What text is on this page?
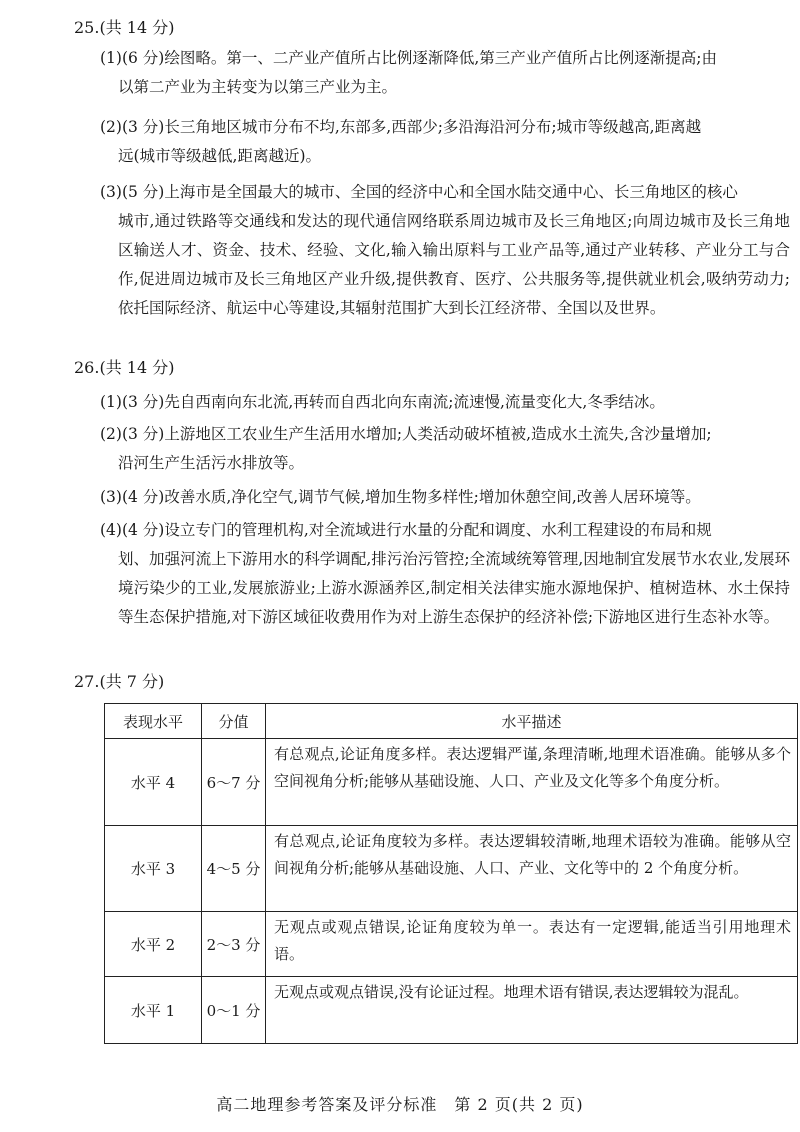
25.(共 14 分)
(1)(6 分)绘图略。第一、二产业产值所占比例逐渐降低,第三产业产值所占比例逐渐提高;由
以第二产业为主转变为以第三产业为主。
(2)(3 分)长三角地区城市分布不均,东部多,西部少;多沿海沿河分布;城市等级越高,距离越
远(城市等级越低,距离越近)。
(3)(5 分)上海市是全国最大的城市、全国的经济中心和全国水陆交通中心、长三角地区的核心
城市,通过铁路等交通线和发达的现代通信网络联系周边城市及长三角地区;向周边城市及长三角地区输送人才、资金、技术、经验、文化,输入输出原料与工业产品等,通过产业转移、产业分工与合作,促进周边城市及长三角地区产业升级,提供教育、医疗、公共服务等,提供就业机会,吸纳劳动力;依托国际经济、航运中心等建设,其辐射范围扩大到长江经济带、全国以及世界。
26.(共 14 分)
(1)(3 分)先自西南向东北流,再转而自西北向东南流;流速慢,流量变化大,冬季结冰。
(2)(3 分)上游地区工农业生产生活用水增加;人类活动破坏植被,造成水土流失,含沙量增加;
沿河生产生活污水排放等。
(3)(4 分)改善水质,净化空气,调节气候,增加生物多样性;增加休憩空间,改善人居环境等。
(4)(4 分)设立专门的管理机构,对全流域进行水量的分配和调度、水利工程建设的布局和规
划、加强河流上下游用水的科学调配,排污治污管控;全流域统筹管理,因地制宜发展节水农业,发展环境污染少的工业,发展旅游业;上游水源涵养区,制定相关法律实施水源地保护、植树造林、水土保持等生态保护措施,对下游区域征收费用作为对上游生态保护的经济补偿;下游地区进行生态补水等。
27.(共 7 分)
表现水平	分值	水平描述
水平 4	6～7 分	有总观点,论证角度多样。表达逻辑严谨,条理清晰,地理术语准确。能够从多个空间视角分析;能够从基础设施、人口、产业及文化等多个角度分析。
水平 3	4～5 分	有总观点,论证角度较为多样。表达逻辑较清晰,地理术语较为准确。能够从空间视角分析;能够从基础设施、人口、产业、文化等中的 2 个角度分析。
水平 2	2～3 分	无观点或观点错误,论证角度较为单一。表达有一定逻辑,能适当引用地理术语。
水平 1	0～1 分	无观点或观点错误,没有论证过程。地理术语有错误,表达逻辑较为混乱。
高二地理参考答案及评分标准　第 2 页(共 2 页)
